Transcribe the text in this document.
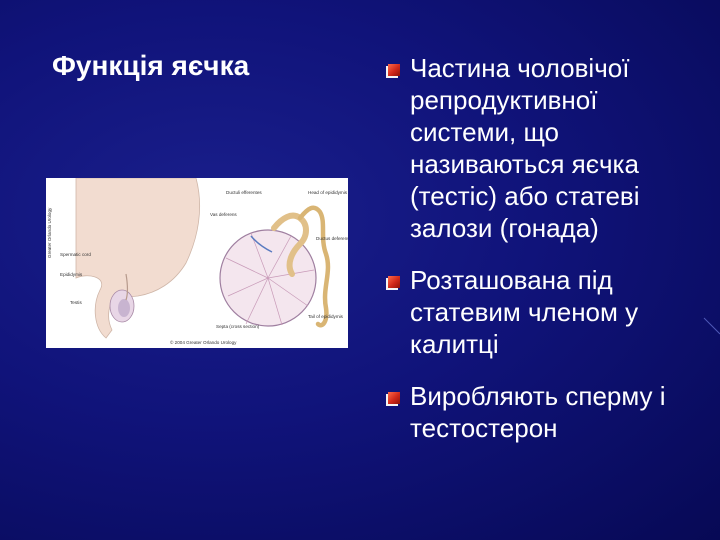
Функція яєчка
Greater Orlando Urology
Ductuli efferentes	Head of epididymis
Vas deferens
Ductus deferens
Spermatic cord
Epididymis
Testis
Septa (cross section)
Tail of epididymis
© 2004 Greater Orlando Urology
Частина чоловічої репродуктивної системи, що називаються яєчка (тестіс) або статеві залози (гонада)
Розташована під статевим членом у калитці
Виробляють сперму і тестостерон
